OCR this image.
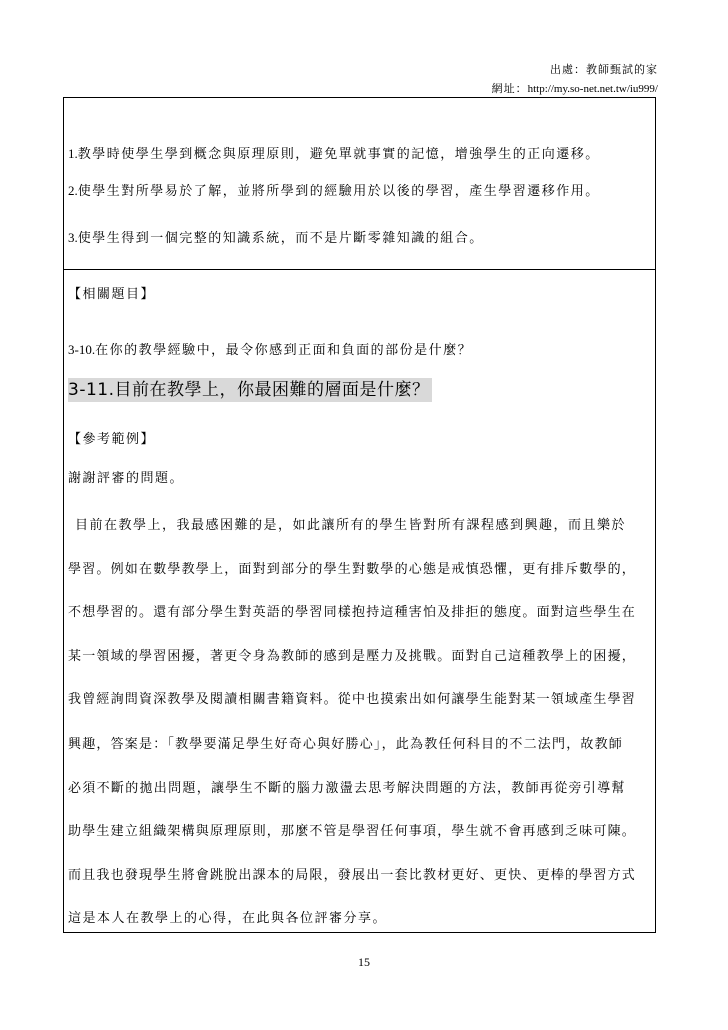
出處：教師甄試的家
網址：http://my.so-net.net.tw/iu999/
1.教學時使學生學到概念與原理原則，避免單就事實的記憶，增強學生的正向遷移。
2.使學生對所學易於了解，並將所學到的經驗用於以後的學習，產生學習遷移作用。
3.使學生得到一個完整的知識系統，而不是片斷零雜知識的組合。
【相關題目】
3-10.在你的教學經驗中，最令你感到正面和負面的部份是什麼？
3-11.目前在教學上，你最困難的層面是什麼？
【參考範例】
謝謝評審的問題。
目前在教學上，我最感困難的是，如此讓所有的學生皆對所有課程感到興趣，而且樂於
學習。例如在數學教學上，面對到部分的學生對數學的心態是戒慎恐懼，更有排斥數學的，
不想學習的。還有部分學生對英語的學習同樣抱持這種害怕及排拒的態度。面對這些學生在
某一領域的學習困擾，著更令身為教師的感到是壓力及挑戰。面對自己這種教學上的困擾，
我曾經詢問資深教學及閱讀相關書籍資料。從中也摸索出如何讓學生能對某一領域產生學習
興趣，答案是：「教學要滿足學生好奇心與好勝心」，此為教任何科目的不二法門，故教師
必須不斷的拋出問題，讓學生不斷的腦力激盪去思考解決問題的方法，教師再從旁引導幫
助學生建立組織架構與原理原則，那麼不管是學習任何事項，學生就不會再感到乏味可陳。
而且我也發現學生將會跳脫出課本的局限，發展出一套比教材更好、更快、更棒的學習方式
這是本人在教學上的心得，在此與各位評審分享。
15
